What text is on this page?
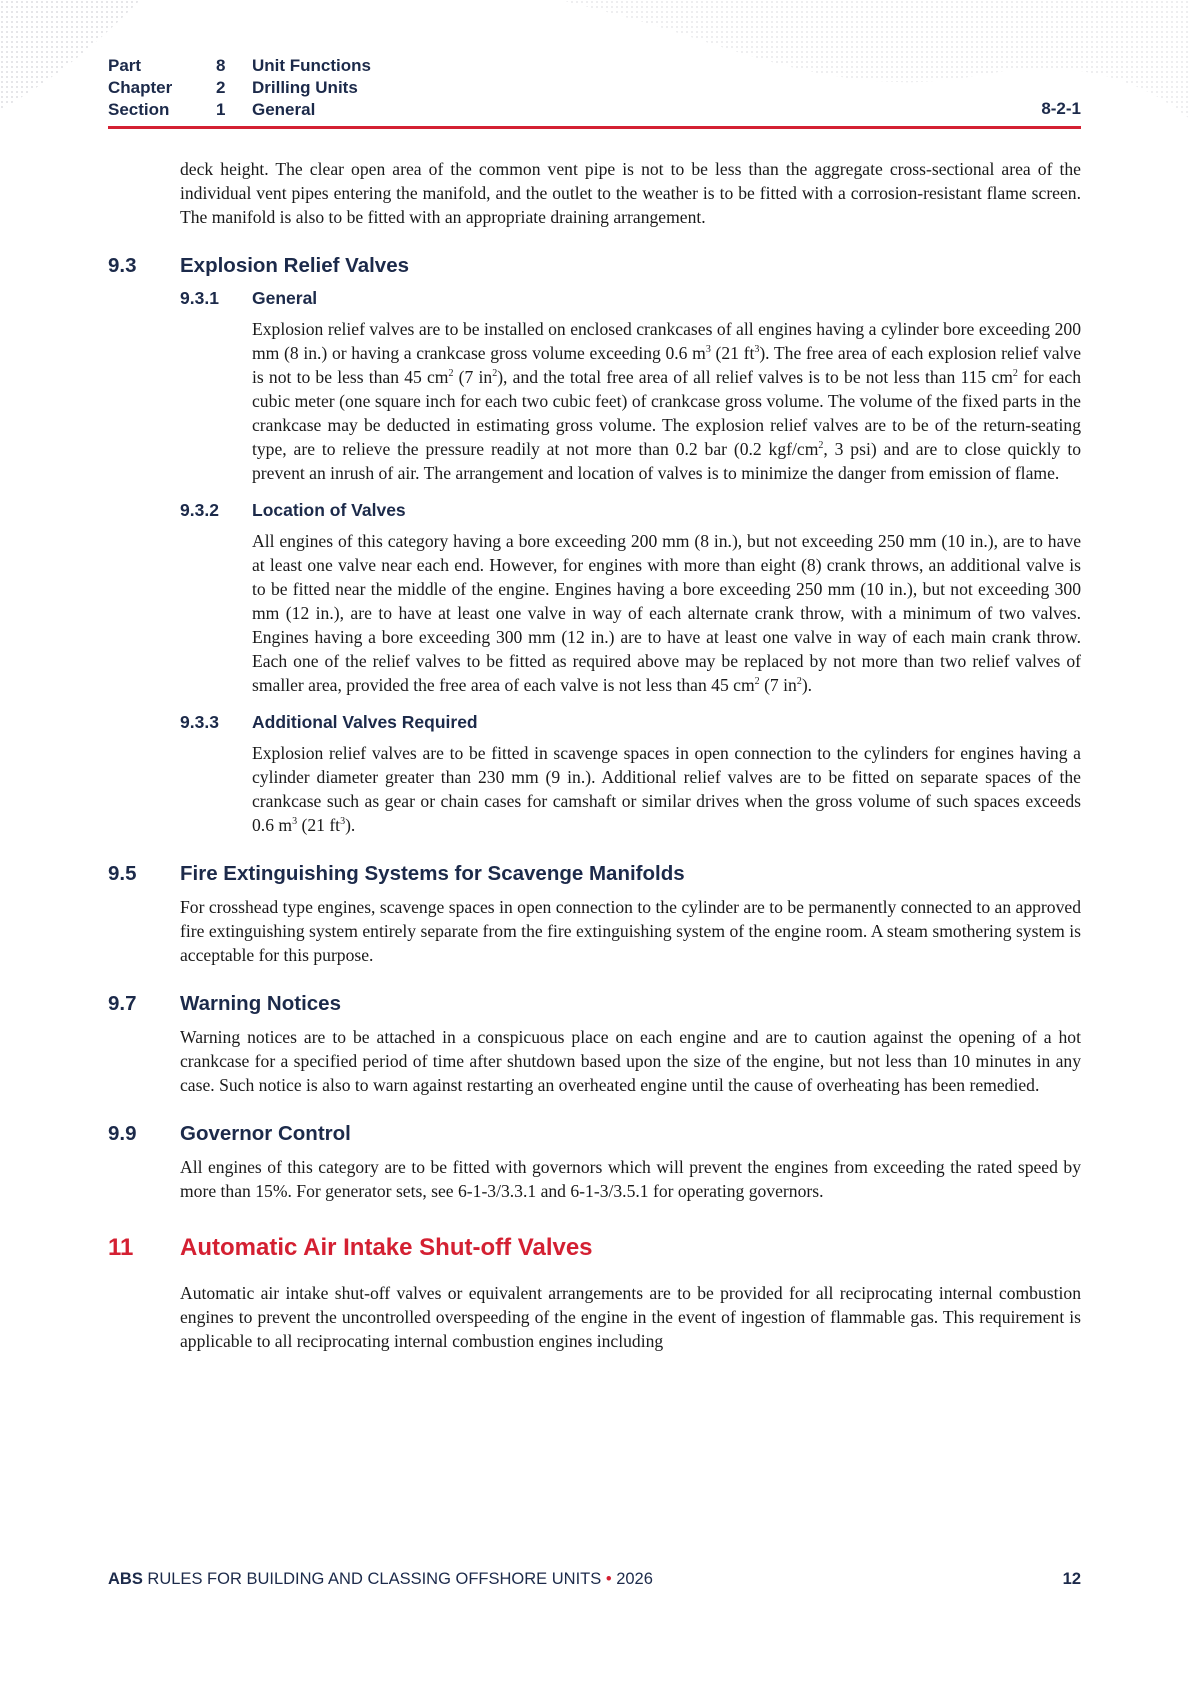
Part	8	Unit Functions
Chapter	2	Drilling Units
Section	1	General	8-2-1

deck height. The clear open area of the common vent pipe is not to be less than the aggregate cross-sectional area of the individual vent pipes entering the manifold, and the outlet to the weather is to be fitted with a corrosion-resistant flame screen. The manifold is also to be fitted with an appropriate draining arrangement.

9.3	Explosion Relief Valves
9.3.1	General

Explosion relief valves are to be installed on enclosed crankcases of all engines having a cylinder bore exceeding 200 mm (8 in.) or having a crankcase gross volume exceeding 0.6 $m^3$ (21 $ft^3$). The free area of each explosion relief valve is not to be less than 45 $cm^2$ (7 $in^2$), and the total free area of all relief valves is to be not less than 115 $cm^2$ for each cubic meter (one square inch for each two cubic feet) of crankcase gross volume. The volume of the fixed parts in the crankcase may be deducted in estimating gross volume. The explosion relief valves are to be of the return-seating type, are to relieve the pressure readily at not more than 0.2 bar (0.2 kgf/$cm^2$, 3 psi) and are to close quickly to prevent an inrush of air. The arrangement and location of valves is to minimize the danger from emission of flame.

9.3.2	Location of Valves

All engines of this category having a bore exceeding 200 mm (8 in.), but not exceeding 250 mm (10 in.), are to have at least one valve near each end. However, for engines with more than eight (8) crank throws, an additional valve is to be fitted near the middle of the engine. Engines having a bore exceeding 250 mm (10 in.), but not exceeding 300 mm (12 in.), are to have at least one valve in way of each alternate crank throw, with a minimum of two valves. Engines having a bore exceeding 300 mm (12 in.) are to have at least one valve in way of each main crank throw. Each one of the relief valves to be fitted as required above may be replaced by not more than two relief valves of smaller area, provided the free area of each valve is not less than 45 $cm^2$ (7 $in^2$).

9.3.3	Additional Valves Required

Explosion relief valves are to be fitted in scavenge spaces in open connection to the cylinders for engines having a cylinder diameter greater than 230 mm (9 in.). Additional relief valves are to be fitted on separate spaces of the crankcase such as gear or chain cases for camshaft or similar drives when the gross volume of such spaces exceeds 0.6 $m^3$ (21 $ft^3$).

9.5	Fire Extinguishing Systems for Scavenge Manifolds

For crosshead type engines, scavenge spaces in open connection to the cylinder are to be permanently connected to an approved fire extinguishing system entirely separate from the fire extinguishing system of the engine room. A steam smothering system is acceptable for this purpose.

9.7	Warning Notices

Warning notices are to be attached in a conspicuous place on each engine and are to caution against the opening of a hot crankcase for a specified period of time after shutdown based upon the size of the engine, but not less than 10 minutes in any case. Such notice is also to warn against restarting an overheated engine until the cause of overheating has been remedied.

9.9	Governor Control

All engines of this category are to be fitted with governors which will prevent the engines from exceeding the rated speed by more than 15%. For generator sets, see 6-1-3/3.3.1 and 6-1-3/3.5.1 for operating governors.

11	Automatic Air Intake Shut-off Valves

Automatic air intake shut-off valves or equivalent arrangements are to be provided for all reciprocating internal combustion engines to prevent the uncontrolled overspeeding of the engine in the event of ingestion of flammable gas. This requirement is applicable to all reciprocating internal combustion engines including

ABS RULES FOR BUILDING AND CLASSING OFFSHORE UNITS • 2026	12
